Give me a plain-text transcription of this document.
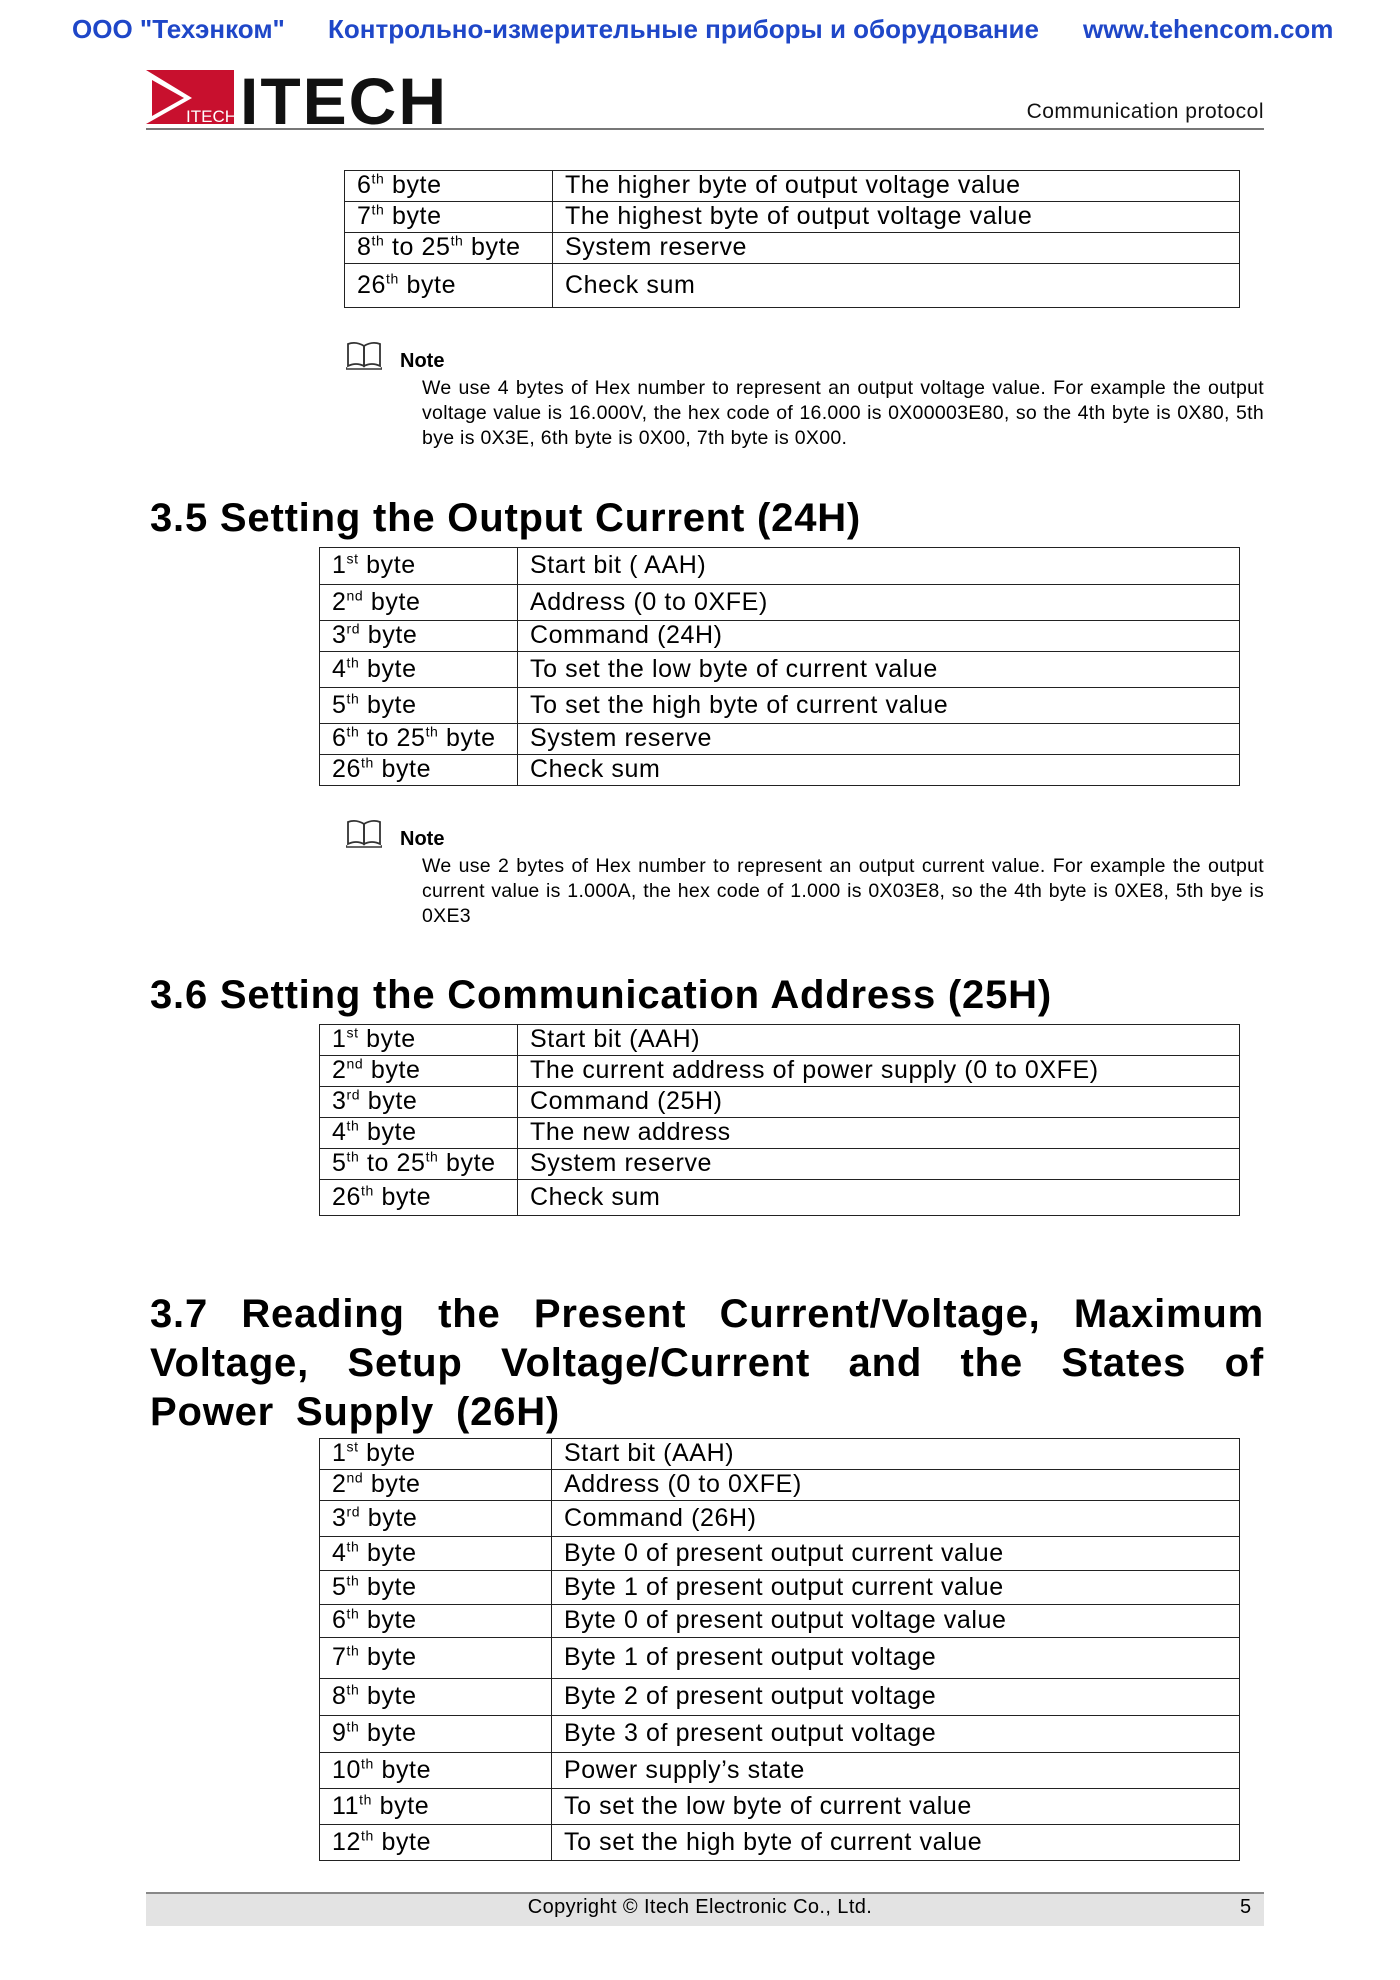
ООО "Техэнком" Контрольно-измерительные приборы и оборудование www.tehencom.com
ITECH ITECH	Communication protocol
6th byte	The higher byte of output voltage value
7th byte	The highest byte of output voltage value
8th to 25th byte	System reserve
26th byte	Check sum
Note
We use 4 bytes of Hex number to represent an output voltage value. For example the output voltage value is 16.000V, the hex code of 16.000 is 0X00003E80, so the 4th byte is 0X80, 5th bye is 0X3E, 6th byte is 0X00, 7th byte is 0X00.
3.5 Setting the Output Current (24H)
1st byte	Start bit ( AAH)
2nd byte	Address (0 to 0XFE)
3rd byte	Command (24H)
4th byte	To set the low byte of current value
5th byte	To set the high byte of current value
6th to 25th byte	System reserve
26th byte	Check sum
Note
We use 2 bytes of Hex number to represent an output current value. For example the output current value is 1.000A, the hex code of 1.000 is 0X03E8, so the 4th byte is 0XE8, 5th bye is 0XE3
3.6 Setting the Communication Address (25H)
1st byte	Start bit (AAH)
2nd byte	The current address of power supply (0 to 0XFE)
3rd byte	Command (25H)
4th byte	The new address
5th to 25th byte	System reserve
26th byte	Check sum
3.7 Reading the Present Current/Voltage, Maximum Voltage, Setup Voltage/Current and the States of Power Supply (26H)
1st byte	Start bit (AAH)
2nd byte	Address (0 to 0XFE)
3rd byte	Command (26H)
4th byte	Byte 0 of present output current value
5th byte	Byte 1 of present output current value
6th byte	Byte 0 of present output voltage value
7th byte	Byte 1 of present output voltage
8th byte	Byte 2 of present output voltage
9th byte	Byte 3 of present output voltage
10th byte	Power supply’s state
11th byte	To set the low byte of current value
12th byte	To set the high byte of current value
Copyright © Itech Electronic Co., Ltd.	5
